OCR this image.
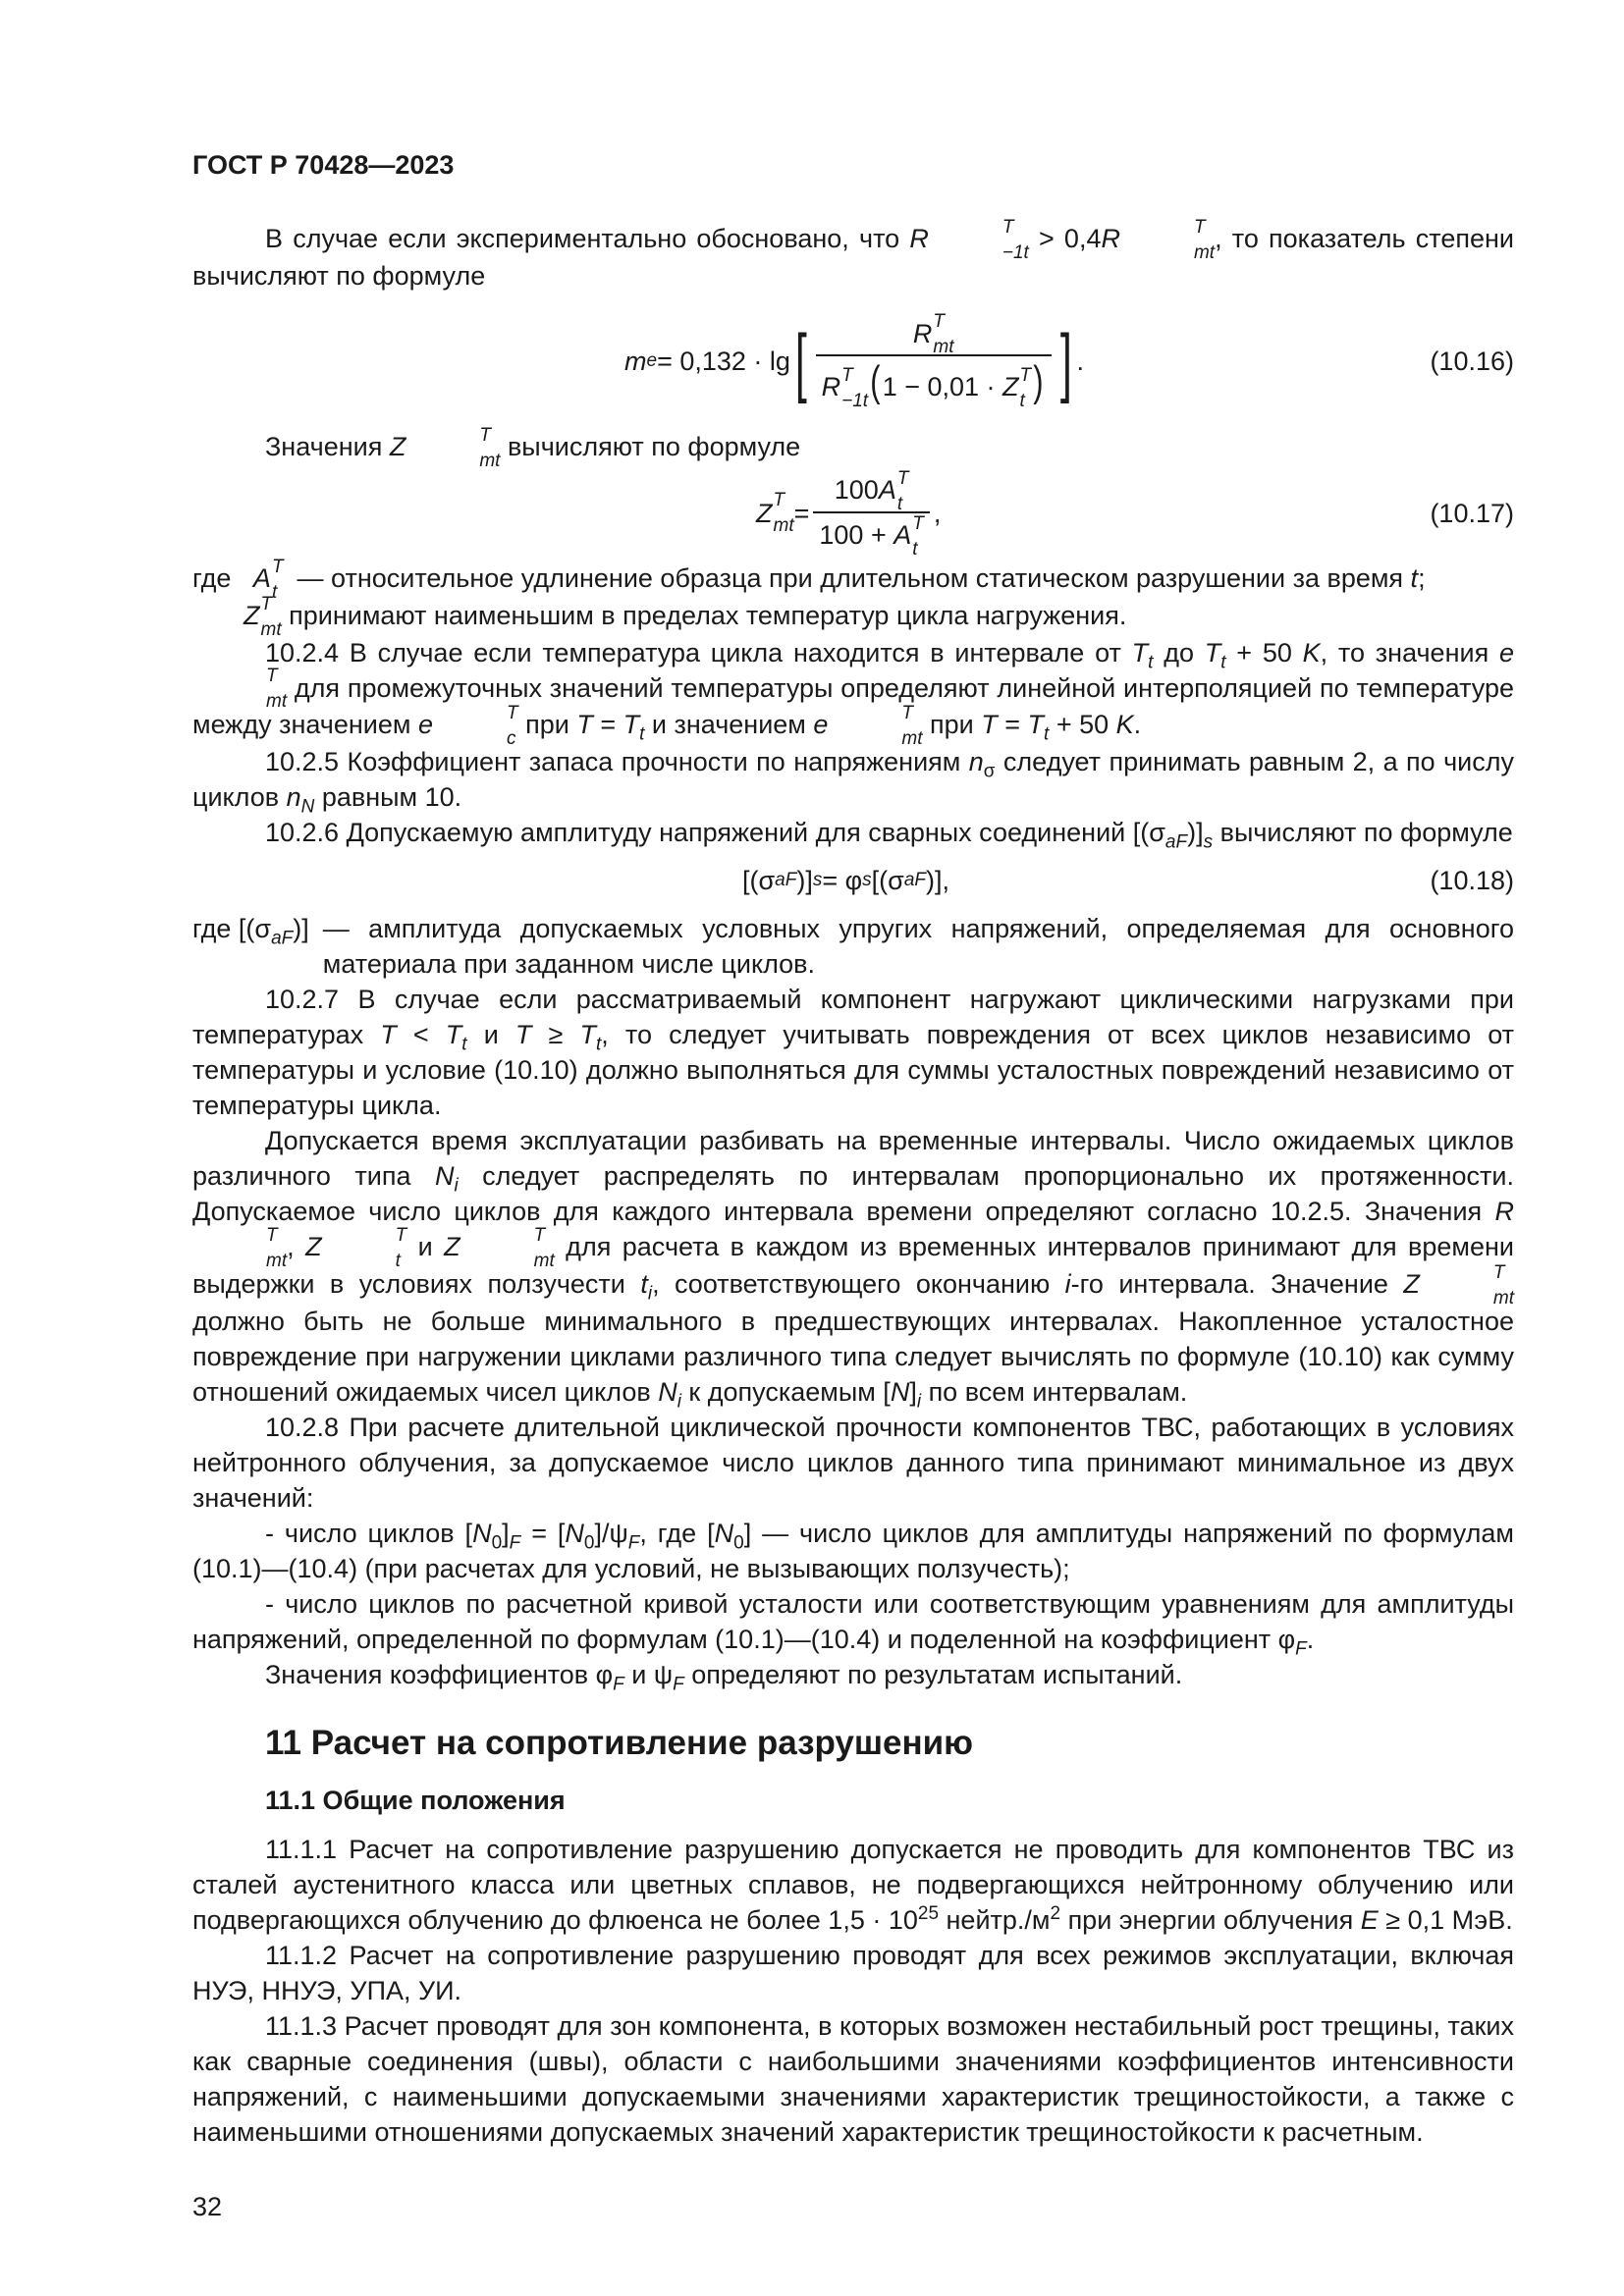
ГОСТ Р 70428—2023

В случае если экспериментально обосновано, что R	T
−1t > 0,4R	T
mt , то показатель степени вычисляют по формуле

m e = 0,132 · lg [ R T
mt
R T
−1t (1 − 0,01 · Z T
t ) ] .	(10.16)

Значения Z	T
mt вычисляют по формуле

Z T
mt = 100A T
t
100 + A T
t ,	(10.17)
где A T
t — относительное удлинение образца при длительном статическом разрушении за время t;

Z T
mt принимают наименьшим в пределах температур цикла нагружения.

10.2.4 В случае если температура цикла находится в интервале от $T_t$ до $T_t + 50$ K, то значения e
T
mt для промежуточных значений температуры определяют линейной интерполяцией по температуре между значением e	T
c при $T = T_t$ и значением e	T
mt при $T = T_t + 50$ K.

10.2.5 Коэффициент запаса прочности по напряжениям $n_\sigma$ следует принимать равным 2, а по числу циклов $n_N$ равным 10.

10.2.6 Допускаемую амплитуду напряжений для сварных соединений $[(\sigma_{aF})]_s$ вычисляют по формуле

[(σ aF )] s = φ s [(σ aF )],	(10.18)
где $[(\sigma_{aF})]$ — амплитуда допускаемых условных упругих напряжений, определяемая для основного материала при заданном числе циклов.

10.2.7 В случае если рассматриваемый компонент нагружают циклическими нагрузками при температурах $T < T_t$ и $T \ge T_t$, то следует учитывать повреждения от всех циклов независимо от температуры и условие (10.10) должно выполняться для суммы усталостных повреждений независимо от температуры цикла.

Допускается время эксплуатации разбивать на временные интервалы. Число ожидаемых циклов различного типа $N_i$ следует распределять по интервалам пропорционально их протяженности. Допускаемое число циклов для каждого интервала времени определяют согласно 10.2.5. Значения R
T
mt , Z	T
t и Z	T
mt для расчета в каждом из временных интервалов принимают для времени выдержки в условиях ползучести $t_i$, соответствующего окончанию i-го интервала. Значение Z	T
mt
должно быть не больше минимального в предшествующих интервалах. Накопленное усталостное повреждение при нагружении циклами различного типа следует вычислять по формуле (10.10) как сумму отношений ожидаемых чисел циклов $N_i$ к допускаемым $[N]_i$ по всем интервалам.

10.2.8 При расчете длительной циклической прочности компонентов ТВС, работающих в условиях нейтронного облучения, за допускаемое число циклов данного типа принимают минимальное из двух значений:

- число циклов $[N_0]_F = [N_0]/\psi_F$, где $[N_0]$ — число циклов для амплитуды напряжений по формулам (10.1)—(10.4) (при расчетах для условий, не вызывающих ползучесть);

- число циклов по расчетной кривой усталости или соответствующим уравнениям для амплитуды напряжений, определенной по формулам (10.1)—(10.4) и поделенной на коэффициент $\varphi_F$.

Значения коэффициентов $\varphi_F$ и $\psi_F$ определяют по результатам испытаний.

11 Расчет на сопротивление разрушению
11.1 Общие положения

11.1.1 Расчет на сопротивление разрушению допускается не проводить для компонентов ТВС из сталей аустенитного класса или цветных сплавов, не подвергающихся нейтронному облучению или подвергающихся облучению до флюенса не более $1,5 \cdot 10^{25}$ $нейтр./м^2$ при энергии облучения E ≥ 0,1 МэВ.

11.1.2 Расчет на сопротивление разрушению проводят для всех режимов эксплуатации, включая НУЭ, ННУЭ, УПА, УИ.

11.1.3 Расчет проводят для зон компонента, в которых возможен нестабильный рост трещины, таких как сварные соединения (швы), области с наибольшими значениями коэффициентов интенсивности напряжений, с наименьшими допускаемыми значениями характеристик трещиностойкости, а также с наименьшими отношениями допускаемых значений характеристик трещиностойкости к расчетным.

32
